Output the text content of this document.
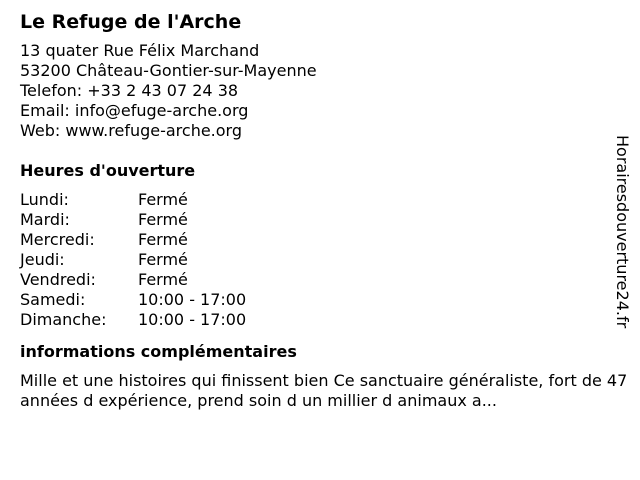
Le Refuge de l'Arche
13 quater Rue Félix Marchand
53200 Château-Gontier-sur-Mayenne
Telefon: +33 2 43 07 24 38
Email: info@efuge-arche.org
Web: www.refuge-arche.org
Heures d'ouverture
Lundi:	Fermé
Mardi:	Fermé
Mercredi:	Fermé
Jeudi:	Fermé
Vendredi:	Fermé
Samedi:	10:00 - 17:00
Dimanche:	10:00 - 17:00
informations complémentaires
Mille et une histoires qui finissent bien Ce sanctuaire généraliste, fort de 47 années d expérience, prend soin d un millier d animaux a...
Horairesdouverture24.fr
